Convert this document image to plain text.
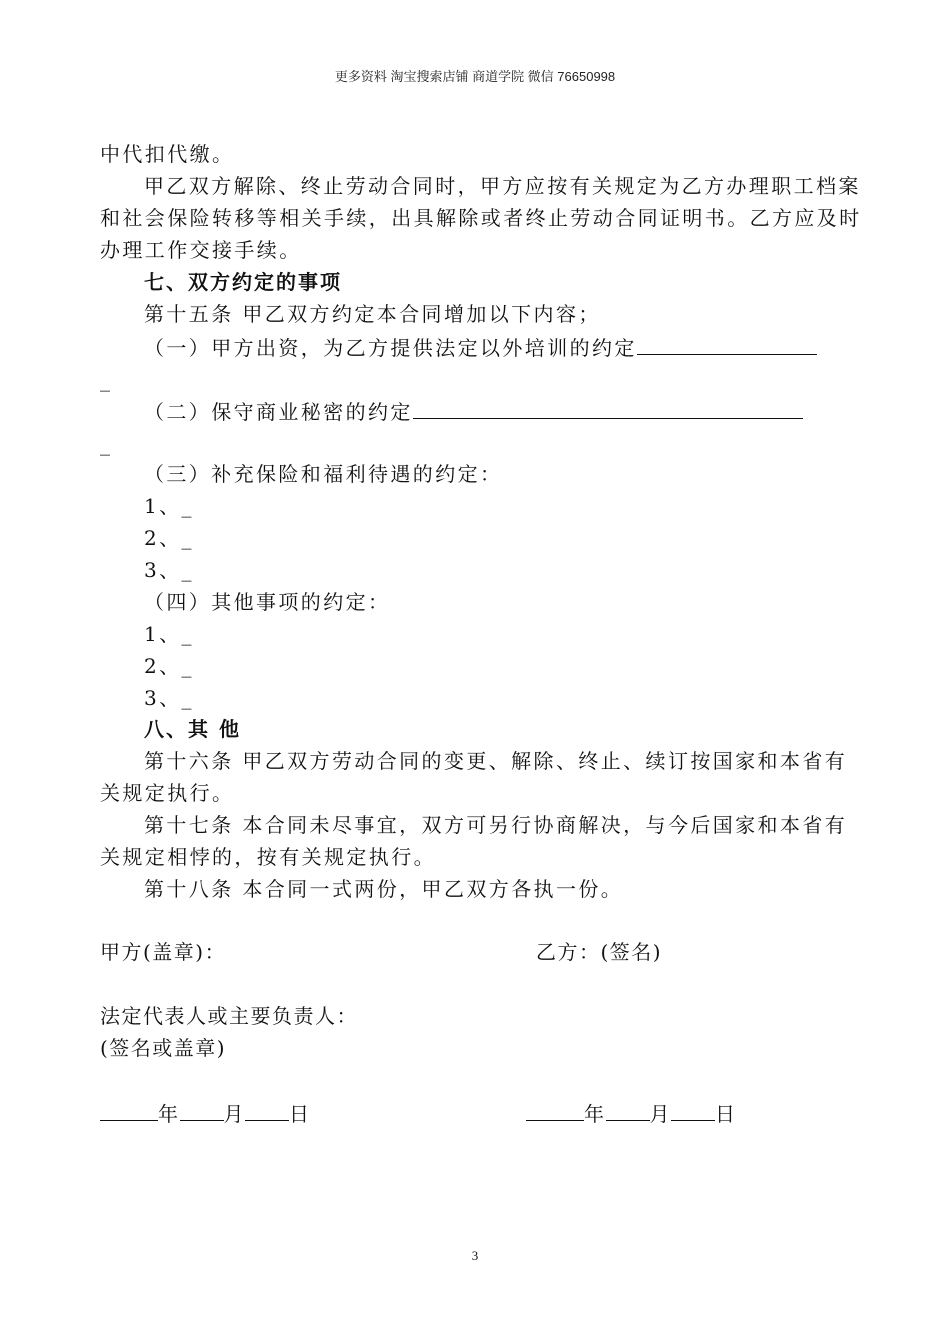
更多资料 淘宝搜索店铺 商道学院 微信 76650998
中代扣代缴。
甲乙双方解除、终止劳动合同时，甲方应按有关规定为乙方办理职工档案
和社会保险转移等相关手续，出具解除或者终止劳动合同证明书。乙方应及时
办理工作交接手续。
七、双方约定的事项
第十五条 甲乙双方约定本合同增加以下内容；
（一）甲方出资，为乙方提供法定以外培训的约定
_
（二）保守商业秘密的约定
_
（三）补充保险和福利待遇的约定：
1、_
2、_
3、_
（四）其他事项的约定：
1、_
2、_
3、_
八、其 他
第十六条 甲乙双方劳动合同的变更、解除、终止、续订按国家和本省有
关规定执行。
第十七条 本合同未尽事宜，双方可另行协商解决，与今后国家和本省有
关规定相悖的，按有关规定执行。
第十八条 本合同一式两份，甲乙双方各执一份。
甲方(盖章)：	乙方：(签名)
法定代表人或主要负责人：
(签名或盖章)
年 月 日	年 月 日
3
